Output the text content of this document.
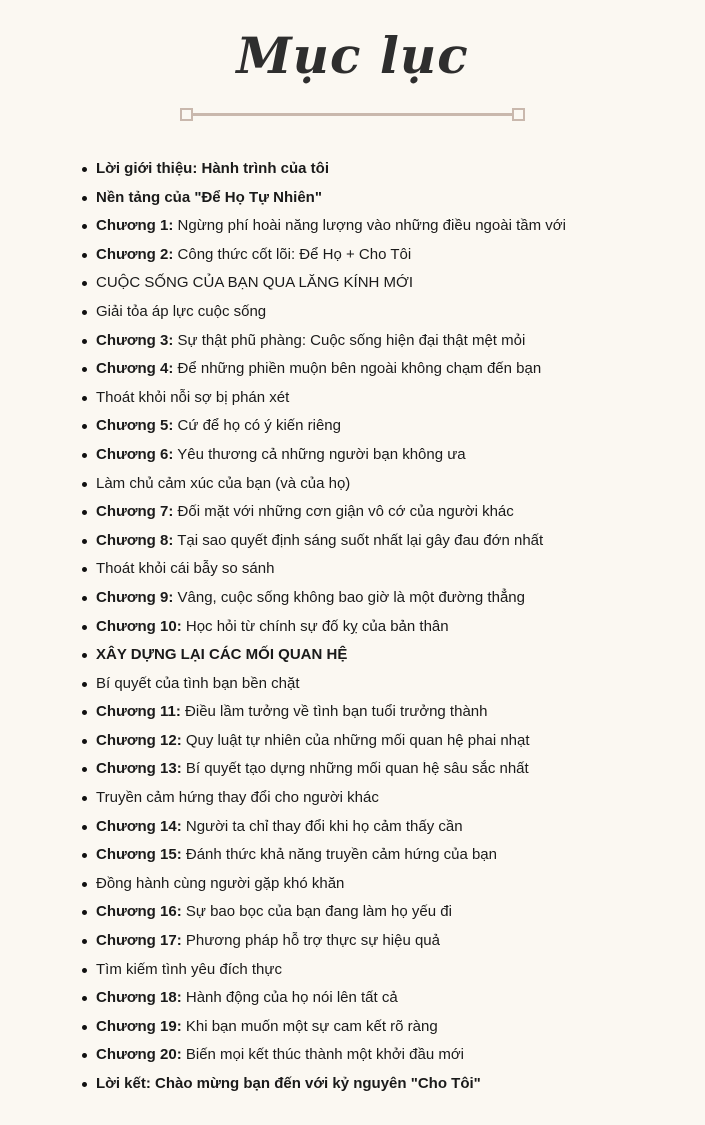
Mục lục
Lời giới thiệu: Hành trình của tôi
Nền tảng của "Để Họ Tự Nhiên"
Chương 1: Ngừng phí hoài năng lượng vào những điều ngoài tầm với
Chương 2: Công thức cốt lõi: Để Họ + Cho Tôi
CUỘC SỐNG CỦA BẠN QUA LĂNG KÍNH MỚI
Giải tỏa áp lực cuộc sống
Chương 3: Sự thật phũ phàng: Cuộc sống hiện đại thật mệt mỏi
Chương 4: Để những phiền muộn bên ngoài không chạm đến bạn
Thoát khỏi nỗi sợ bị phán xét
Chương 5: Cứ để họ có ý kiến riêng
Chương 6: Yêu thương cả những người bạn không ưa
Làm chủ cảm xúc của bạn (và của họ)
Chương 7: Đối mặt với những cơn giận vô cớ của người khác
Chương 8: Tại sao quyết định sáng suốt nhất lại gây đau đớn nhất
Thoát khỏi cái bẫy so sánh
Chương 9: Vâng, cuộc sống không bao giờ là một đường thẳng
Chương 10: Học hỏi từ chính sự đố kỵ của bản thân
XÂY DỰNG LẠI CÁC MỐI QUAN HỆ
Bí quyết của tình bạn bền chặt
Chương 11: Điều lầm tưởng về tình bạn tuổi trưởng thành
Chương 12: Quy luật tự nhiên của những mối quan hệ phai nhạt
Chương 13: Bí quyết tạo dựng những mối quan hệ sâu sắc nhất
Truyền cảm hứng thay đổi cho người khác
Chương 14: Người ta chỉ thay đổi khi họ cảm thấy cần
Chương 15: Đánh thức khả năng truyền cảm hứng của bạn
Đồng hành cùng người gặp khó khăn
Chương 16: Sự bao bọc của bạn đang làm họ yếu đi
Chương 17: Phương pháp hỗ trợ thực sự hiệu quả
Tìm kiếm tình yêu đích thực
Chương 18: Hành động của họ nói lên tất cả
Chương 19: Khi bạn muốn một sự cam kết rõ ràng
Chương 20: Biến mọi kết thúc thành một khởi đầu mới
Lời kết: Chào mừng bạn đến với kỷ nguyên "Cho Tôi"
